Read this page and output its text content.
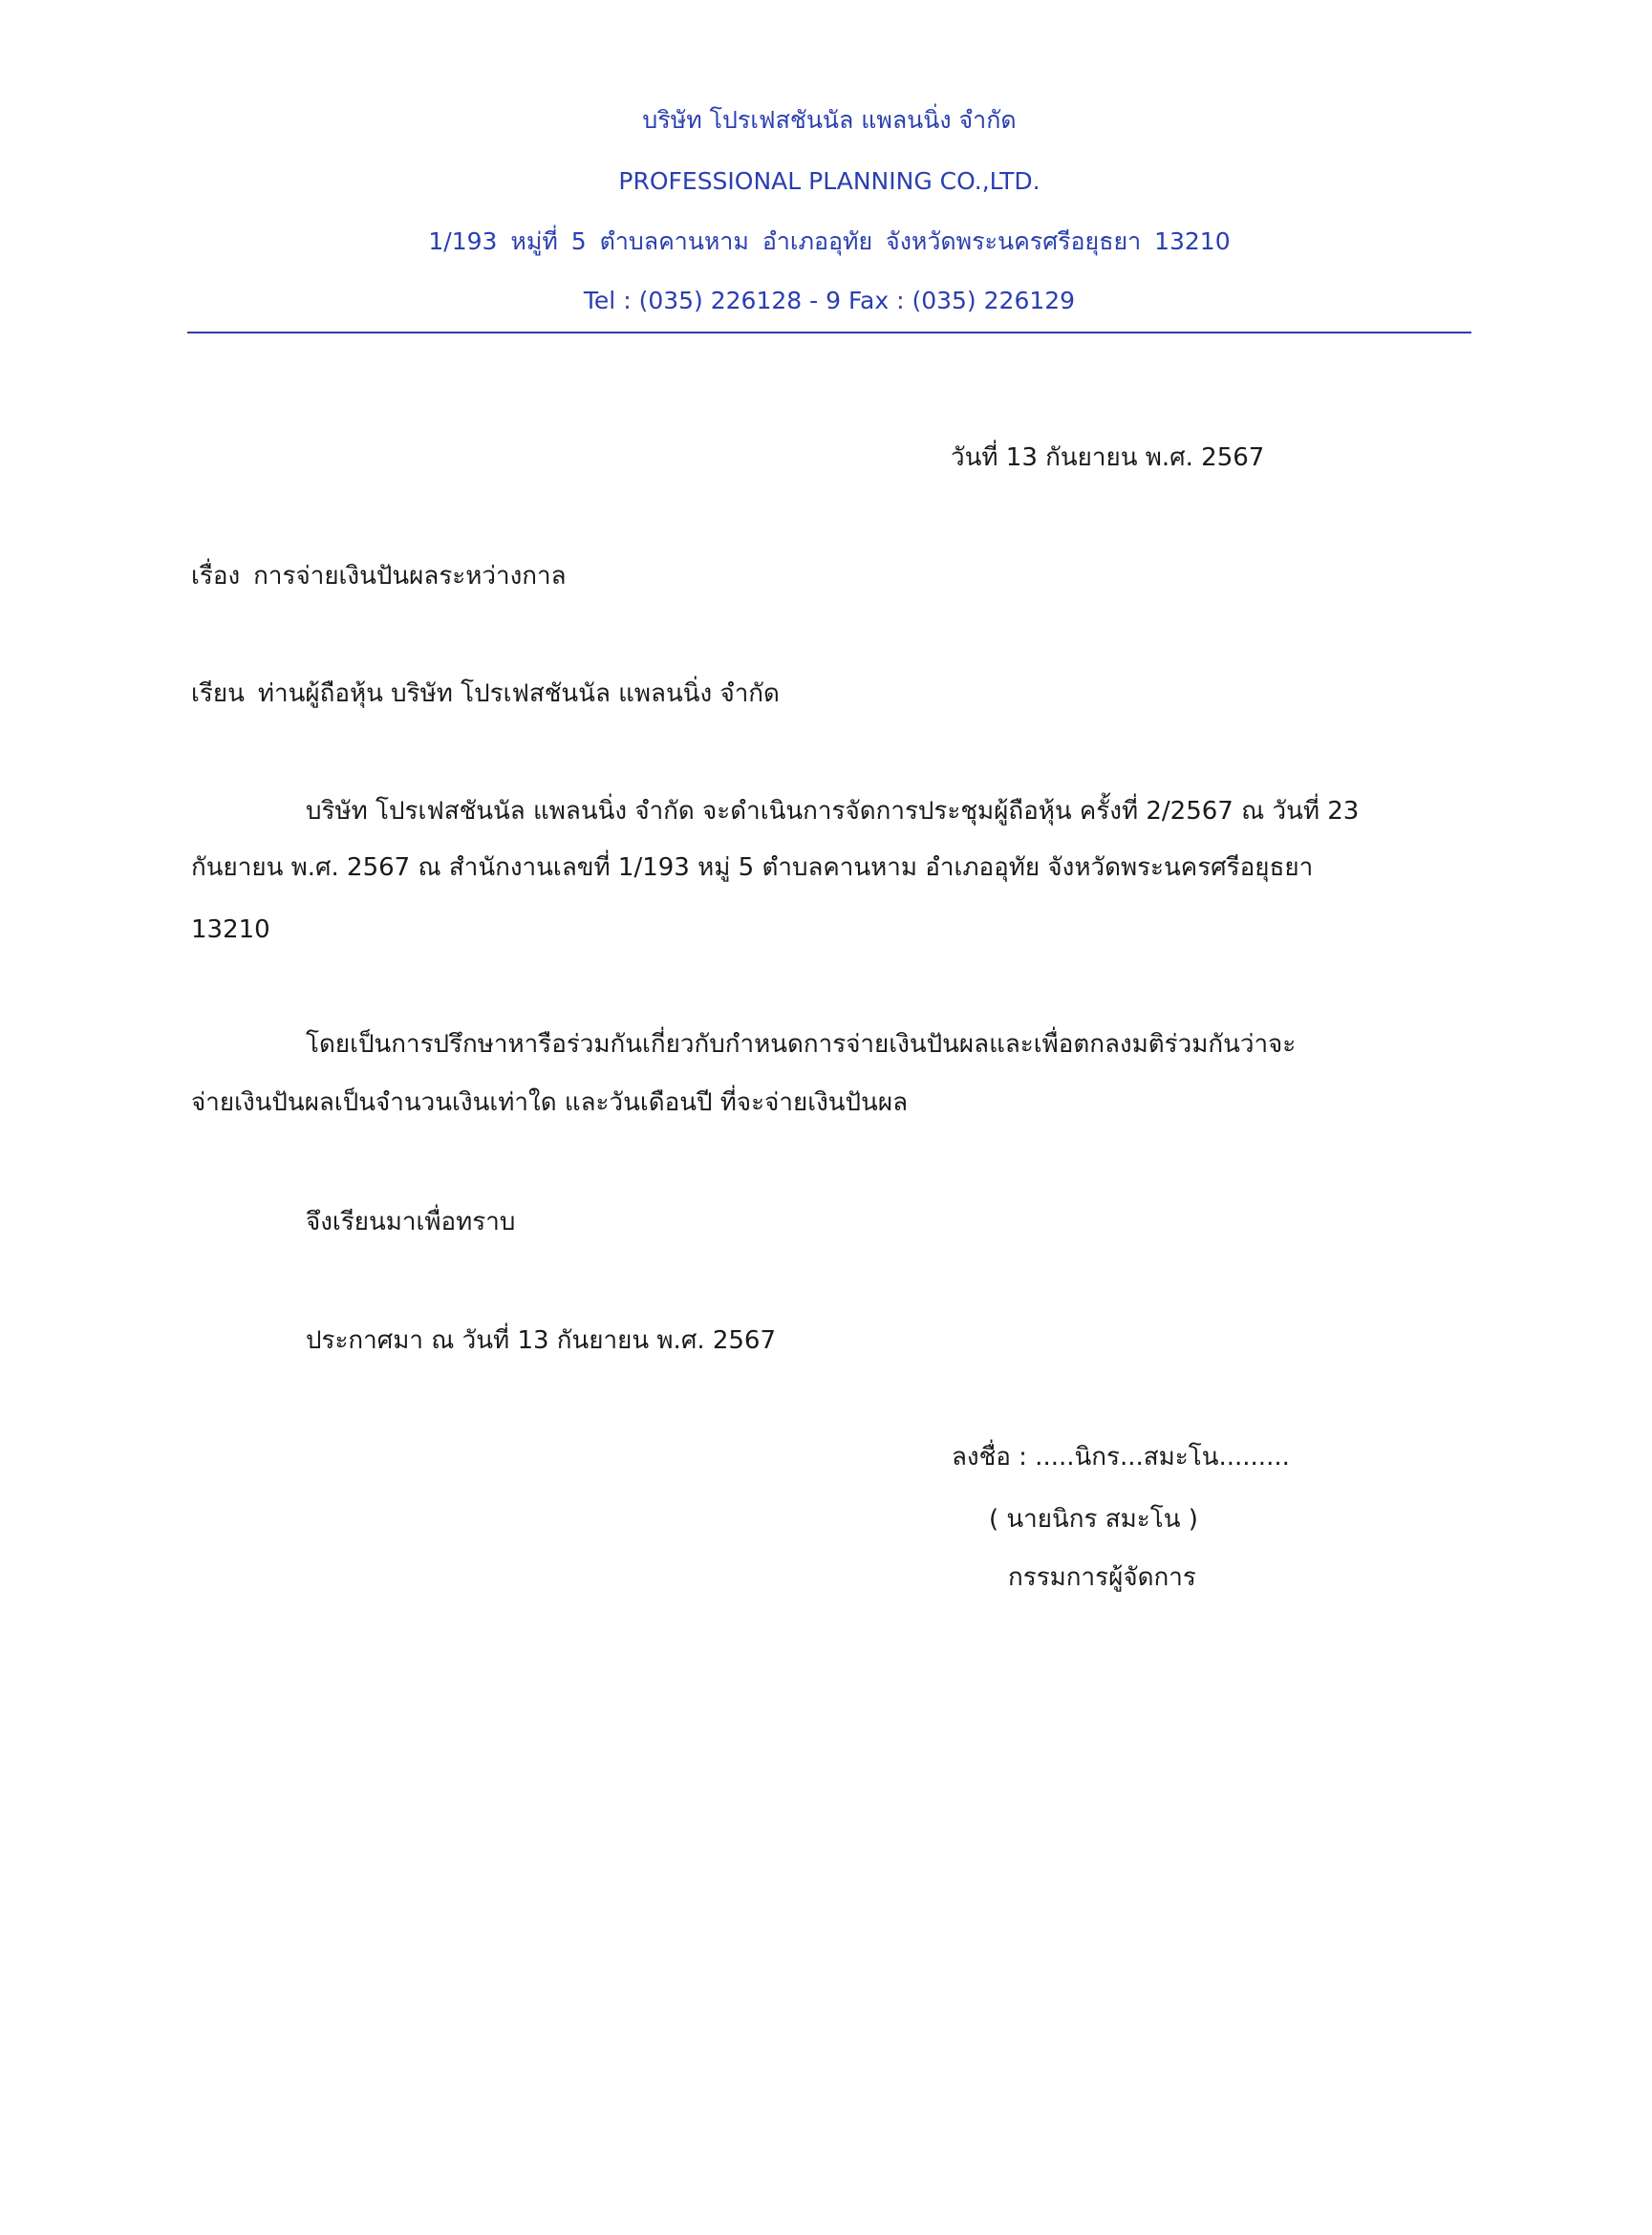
บริษัท โปรเฟสชันนัล แพลนนิ่ง จำกัด
PROFESSIONAL PLANNING CO.,LTD.
1/193 หมู่ที่ 5 ตำบลคานหาม อำเภออุทัย จังหวัดพระนครศรีอยุธยา 13210
Tel : (035) 226128 - 9 Fax : (035) 226129
วันที่ 13 กันยายน พ.ศ. 2567
เรื่อง การจ่ายเงินปันผลระหว่างกาล
เรียน ท่านผู้ถือหุ้น บริษัท โปรเฟสชันนัล แพลนนิ่ง จำกัด
บริษัท โปรเฟสชันนัล แพลนนิ่ง จำกัด จะดำเนินการจัดการประชุมผู้ถือหุ้น ครั้งที่ 2/2567 ณ วันที่ 23
กันยายน พ.ศ. 2567 ณ สำนักงานเลขที่ 1/193 หมู่ 5 ตำบลคานหาม อำเภออุทัย จังหวัดพระนครศรีอยุธยา
13210
โดยเป็นการปรึกษาหารือร่วมกันเกี่ยวกับกำหนดการจ่ายเงินปันผลและเพื่อตกลงมติร่วมกันว่าจะ
จ่ายเงินปันผลเป็นจำนวนเงินเท่าใด และวันเดือนปี ที่จะจ่ายเงินปันผล
จึงเรียนมาเพื่อทราบ
ประกาศมา ณ วันที่ 13 กันยายน พ.ศ. 2567
ลงชื่อ : .....นิกร...สมะโน.........
( นายนิกร สมะโน )
กรรมการผู้จัดการ
